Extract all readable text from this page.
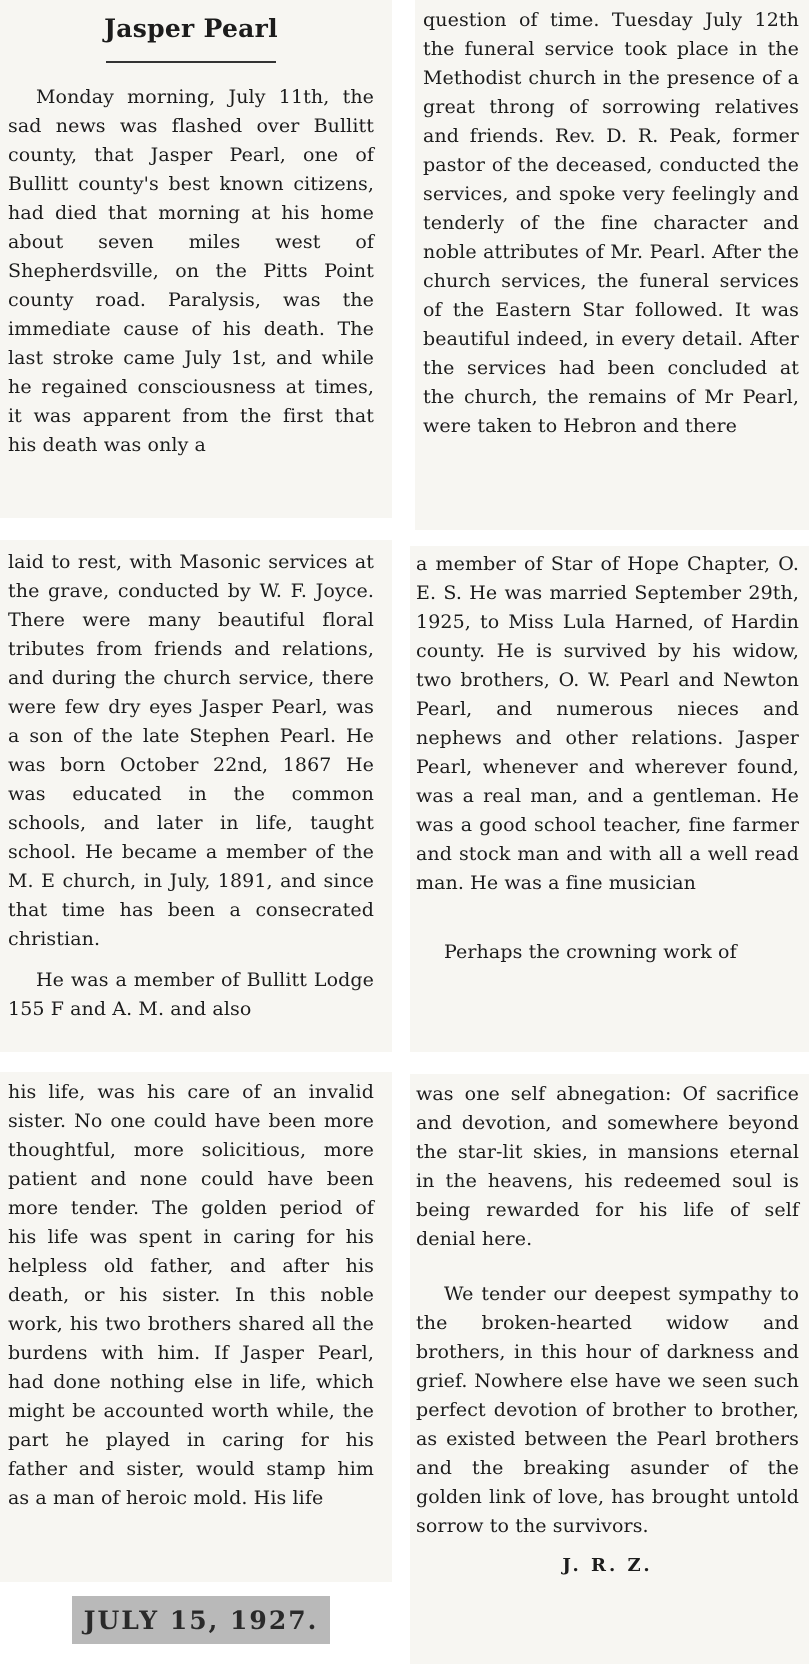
Jasper Pearl

Monday morning, July 11th, the sad news was flashed over Bullitt county, that Jasper Pearl, one of Bullitt county's best known citizens, had died that morning at his home about seven miles west of Shepherdsville, on the Pitts Point county road. Paralysis, was the immediate cause of his death. The last stroke came July 1st, and while he regained consciousness at times, it was apparent from the first that his death was only a

question of time. Tuesday July 12th the funeral service took place in the Methodist church in the presence of a great throng of sorrowing relatives and friends. Rev. D. R. Peak, former pastor of the deceased, conducted the services, and spoke very feelingly and tenderly of the fine character and noble attributes of Mr. Pearl. After the church services, the funeral services of the Eastern Star followed. It was beautiful indeed, in every detail. After the services had been concluded at the church, the remains of Mr Pearl, were taken to Hebron and there

laid to rest, with Masonic services at the grave, conducted by W. F. Joyce. There were many beautiful floral tributes from friends and relations, and during the church service, there were few dry eyes Jasper Pearl, was a son of the late Stephen Pearl. He was born October 22nd, 1867 He was educated in the common schools, and later in life, taught school. He became a member of the M. E church, in July, 1891, and since that time has been a consecrated christian.

He was a member of Bullitt Lodge 155 F and A. M. and also

a member of Star of Hope Chapter, O. E. S. He was married September 29th, 1925, to Miss Lula Harned, of Hardin county. He is survived by his widow, two brothers, O. W. Pearl and Newton Pearl, and numerous nieces and nephews and other relations. Jasper Pearl, whenever and wherever found, was a real man, and a gentleman. He was a good school teacher, fine farmer and stock man and with all a well read man. He was a fine musician

Perhaps the crowning work of

his life, was his care of an invalid sister. No one could have been more thoughtful, more solicitious, more patient and none could have been more tender. The golden period of his life was spent in caring for his helpless old father, and after his death, or his sister. In this noble work, his two brothers shared all the burdens with him. If Jasper Pearl, had done nothing else in life, which might be accounted worth while, the part he played in caring for his father and sister, would stamp him as a man of heroic mold. His life

was one self abnegation: Of sacrifice and devotion, and somewhere beyond the star-lit skies, in mansions eternal in the heavens, his redeemed soul is being rewarded for his life of self denial here.

We tender our deepest sympathy to the broken-hearted widow and brothers, in this hour of darkness and grief. Nowhere else have we seen such perfect devotion of brother to brother, as existed between the Pearl brothers and the breaking asunder of the golden link of love, has brought untold sorrow to the survivors.

J. R. Z.
JULY 15, 1927.
